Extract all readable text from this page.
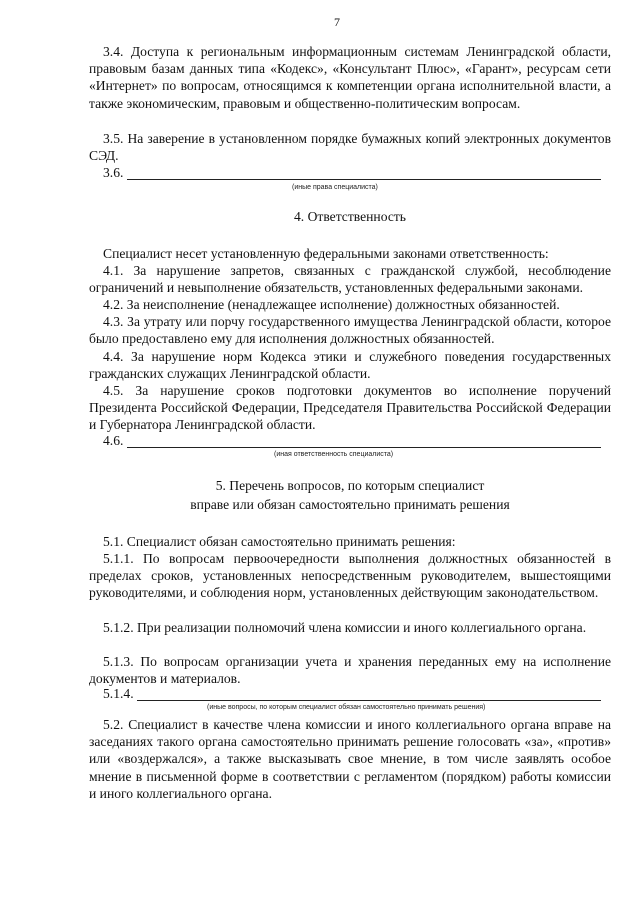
7
3.4. Доступа к региональным информационным системам Ленинградской области, правовым базам данных типа «Кодекс», «Консультант Плюс», «Гарант», ресурсам сети «Интернет» по вопросам, относящимся к компетенции органа исполнительной власти, а также экономическим, правовым и общественно-политическим вопросам.
3.5. На заверение в установленном порядке бумажных копий электронных документов СЭД.
3.6.
(иные права специалиста)
4. Ответственность
Специалист несет установленную федеральными законами ответственность:
4.1. За нарушение запретов, связанных с гражданской службой, несоблюдение ограничений и невыполнение обязательств, установленных федеральными законами.
4.2. За неисполнение (ненадлежащее исполнение) должностных обязанностей.
4.3. За утрату или порчу государственного имущества Ленинградской области, которое было предоставлено ему для исполнения должностных обязанностей.
4.4. За нарушение норм Кодекса этики и служебного поведения государственных гражданских служащих Ленинградской области.
4.5. За нарушение сроков подготовки документов во исполнение поручений Президента Российской Федерации, Председателя Правительства Российской Федерации и Губернатора Ленинградской области.
4.6.
(иная ответственность специалиста)
5. Перечень вопросов, по которым специалист
вправе или обязан самостоятельно принимать решения
5.1. Специалист обязан самостоятельно принимать решения:
5.1.1. По вопросам первоочередности выполнения должностных обязанностей в пределах сроков, установленных непосредственным руководителем, вышестоящими руководителями, и соблюдения норм, установленных действующим законодательством.
5.1.2. При реализации полномочий члена комиссии и иного коллегиального органа.
5.1.3. По вопросам организации учета и хранения переданных ему на исполнение документов и материалов.
5.1.4.
(иные вопросы, по которым специалист обязан самостоятельно принимать решения)
5.2. Специалист в качестве члена комиссии и иного коллегиального органа вправе на заседаниях такого органа самостоятельно принимать решение голосовать «за», «против» или «воздержался», а также высказывать свое мнение, в том числе заявлять особое мнение в письменной форме в соответствии с регламентом (порядком) работы комиссии и иного коллегиального органа.
